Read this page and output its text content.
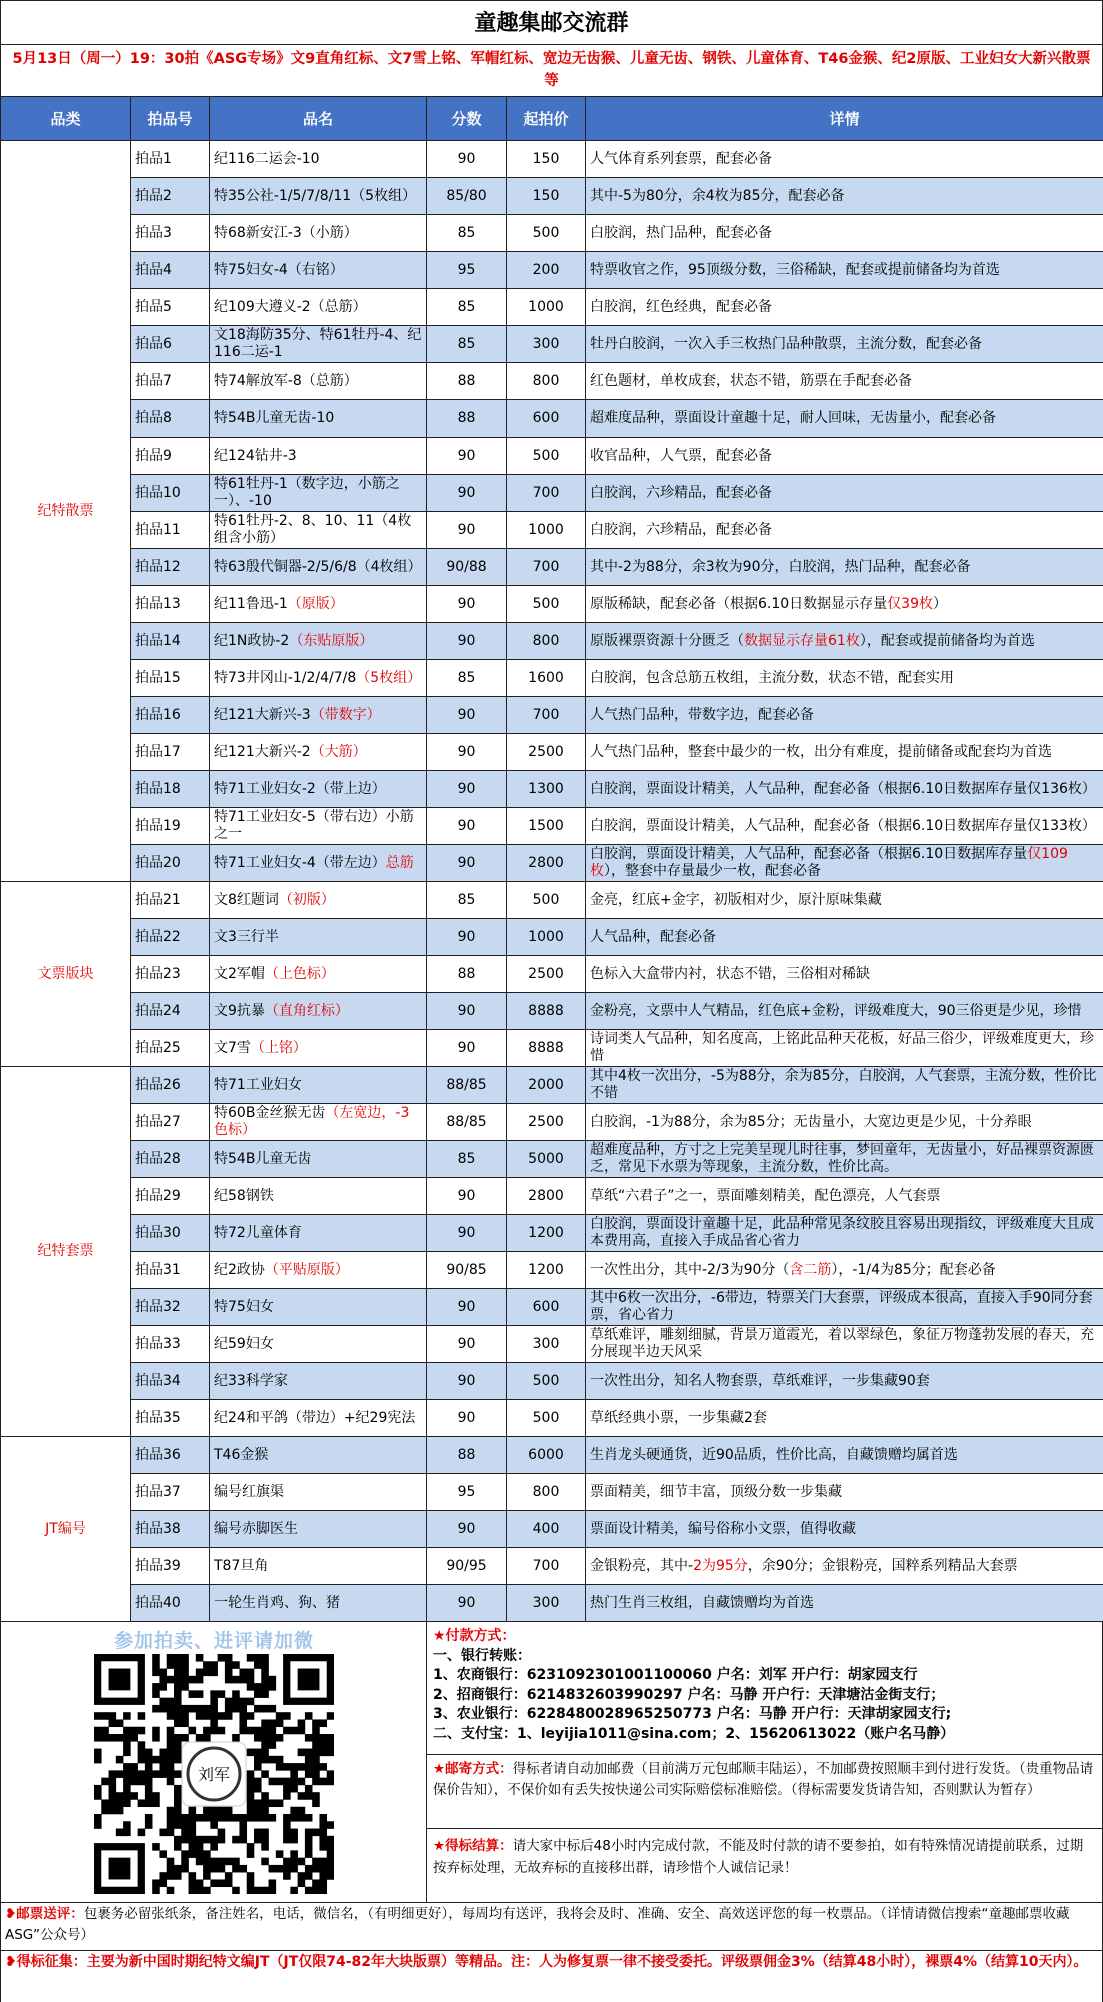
童趣集邮交流群
5月13日（周一）19：30拍《ASG专场》文9直角红标、文7雪上铭、军帽红标、宽边无齿猴、儿童无齿、钢铁、儿童体育、T46金猴、纪2原版、工业妇女大新兴散票等
品类	拍品号	品名	分数	起拍价	详情
纪特散票	拍品1	纪116二运会-10	90	150	人气体育系列套票，配套必备
	拍品2	特35公社-1/5/7/8/11（5枚组）	85/80	150	其中-5为80分，余4枚为85分，配套必备
	拍品3	特68新安江-3（小筋）	85	500	白胶润，热门品种，配套必备
	拍品4	特75妇女-4（右铭）	95	200	特票收官之作，95顶级分数，三俗稀缺，配套或提前储备均为首选
	拍品5	纪109大遵义-2（总筋）	85	1000	白胶润，红色经典，配套必备
	拍品6	文18海防35分、特61牡丹-4、纪116二运-1	85	300	牡丹白胶润，一次入手三枚热门品种散票，主流分数，配套必备
	拍品7	特74解放军-8（总筋）	88	800	红色题材，单枚成套，状态不错，筋票在手配套必备
	拍品8	特54B儿童无齿-10	88	600	超难度品种，票面设计童趣十足，耐人回味，无齿量小，配套必备
	拍品9	纪124钻井-3	90	500	收官品种，人气票，配套必备
	拍品10	特61牡丹-1（数字边，小筋之一）、-10	90	700	白胶润，六珍精品，配套必备
	拍品11	特61牡丹-2、8、10、11（4枚组含小筋）	90	1000	白胶润，六珍精品，配套必备
	拍品12	特63殷代铜器-2/5/6/8（4枚组）	90/88	700	其中-2为88分，余3枚为90分，白胶润，热门品种，配套必备
	拍品13	纪11鲁迅-1（原版）	90	500	原版稀缺，配套必备（根据6.10日数据显示存量仅39枚）
	拍品14	纪1N政协-2（东贴原版）	90	800	原版裸票资源十分匮乏（数据显示存量61枚），配套或提前储备均为首选
	拍品15	特73井冈山-1/2/4/7/8（5枚组）	85	1600	白胶润，包含总筋五枚组，主流分数，状态不错，配套实用
	拍品16	纪121大新兴-3（带数字）	90	700	人气热门品种，带数字边，配套必备
	拍品17	纪121大新兴-2（大筋）	90	2500	人气热门品种，整套中最少的一枚，出分有难度，提前储备或配套均为首选
	拍品18	特71工业妇女-2（带上边）	90	1300	白胶润，票面设计精美，人气品种，配套必备（根据6.10日数据库存量仅136枚）
	拍品19	特71工业妇女-5（带右边）小筋之一	90	1500	白胶润，票面设计精美，人气品种，配套必备（根据6.10日数据库存量仅133枚）
	拍品20	特71工业妇女-4（带左边）总筋	90	2800	白胶润，票面设计精美，人气品种，配套必备（根据6.10日数据库存量仅109枚），整套中存量最少一枚，配套必备
文票版块	拍品21	文8红题词（初版）	85	500	金亮，红底+金字，初版相对少，原汁原味集藏
	拍品22	文3三行半	90	1000	人气品种，配套必备
	拍品23	文2军帽（上色标）	88	2500	色标入大盒带内衬，状态不错，三俗相对稀缺
	拍品24	文9抗暴（直角红标）	90	8888	金粉亮，文票中人气精品，红色底+金粉，评级难度大，90三俗更是少见，珍惜
	拍品25	文7雪（上铭）	90	8888	诗词类人气品种，知名度高，上铭此品种天花板，好品三俗少，评级难度更大，珍惜
纪特套票	拍品26	特71工业妇女	88/85	2000	其中4枚一次出分，-5为88分，余为85分，白胶润，人气套票，主流分数，性价比不错
	拍品27	特60B金丝猴无齿（左宽边，-3色标）	88/85	2500	白胶润，-1为88分，余为85分；无齿量小，大宽边更是少见，十分养眼
	拍品28	特54B儿童无齿	85	5000	超难度品种，方寸之上完美呈现儿时往事，梦回童年，无齿量小，好品裸票资源匮乏，常见下水票为等现象，主流分数，性价比高。
	拍品29	纪58钢铁	90	2800	草纸“六君子”之一，票面雕刻精美，配色漂亮，人气套票
	拍品30	特72儿童体育	90	1200	白胶润，票面设计童趣十足，此品种常见条纹胶且容易出现指纹，评级难度大且成本费用高，直接入手成品省心省力
	拍品31	纪2政协（平贴原版）	90/85	1200	一次性出分，其中-2/3为90分（含二筋），-1/4为85分；配套必备
	拍品32	特75妇女	90	600	其中6枚一次出分，-6带边，特票关门大套票，评级成本很高，直接入手90同分套票，省心省力
	拍品33	纪59妇女	90	300	草纸难评，雕刻细腻，背景万道霞光，着以翠绿色，象征万物蓬勃发展的春天，充分展现半边天风采
	拍品34	纪33科学家	90	500	一次性出分，知名人物套票，草纸难评，一步集藏90套
	拍品35	纪24和平鸽（带边）+纪29宪法	90	500	草纸经典小票，一步集藏2套
JT编号	拍品36	T46金猴	88	6000	生肖龙头硬通货，近90品质，性价比高，自藏馈赠均属首选
	拍品37	编号红旗渠	95	800	票面精美，细节丰富，顶级分数一步集藏
	拍品38	编号赤脚医生	90	400	票面设计精美，编号俗称小文票，值得收藏
	拍品39	T87旦角	90/95	700	金银粉亮，其中-2为95分，余90分；金银粉亮，国粹系列精品大套票
	拍品40	一轮生肖鸡、狗、猪	90	300	热门生肖三枚组，自藏馈赠均为首选
参加拍卖、进评请加微
刘军
★付款方式：
一、银行转账：
1、农商银行：6231092301001100060 户名：刘军 开户行：胡家园支行
2、招商银行：6214832603990297 户名：马静 开户行：天津塘沽金街支行；
3、农业银行：6228480028965250773 户名：马静 开户行：天津胡家园支行;
二、支付宝：1、leyijia1011@sina.com；2、15620613022（账户名马静）
★邮寄方式：得标者请自动加邮费（目前满万元包邮顺丰陆运），不加邮费按照顺丰到付进行发货。（贵重物品请保价告知），不保价如有丢失按快递公司实际赔偿标准赔偿。（得标需要发货请告知，否则默认为暂存）
★得标结算：请大家中标后48小时内完成付款，不能及时付款的请不要参拍，如有特殊情况请提前联系，过期按弃标处理，无故弃标的直接移出群，请珍惜个人诚信记录！
❥邮票送评：包裹务必留张纸条，备注姓名，电话，微信名，（有明细更好），每周均有送评，我将会及时、准确、安全、高效送评您的每一枚票品。（详情请微信搜索“童趣邮票收藏ASG”公众号）
❥得标征集：主要为新中国时期纪特文编JT（JT仅限74-82年大块版票）等精品。注：人为修复票一律不接受委托。评级票佣金3%（结算48小时），裸票4%（结算10天内）。
